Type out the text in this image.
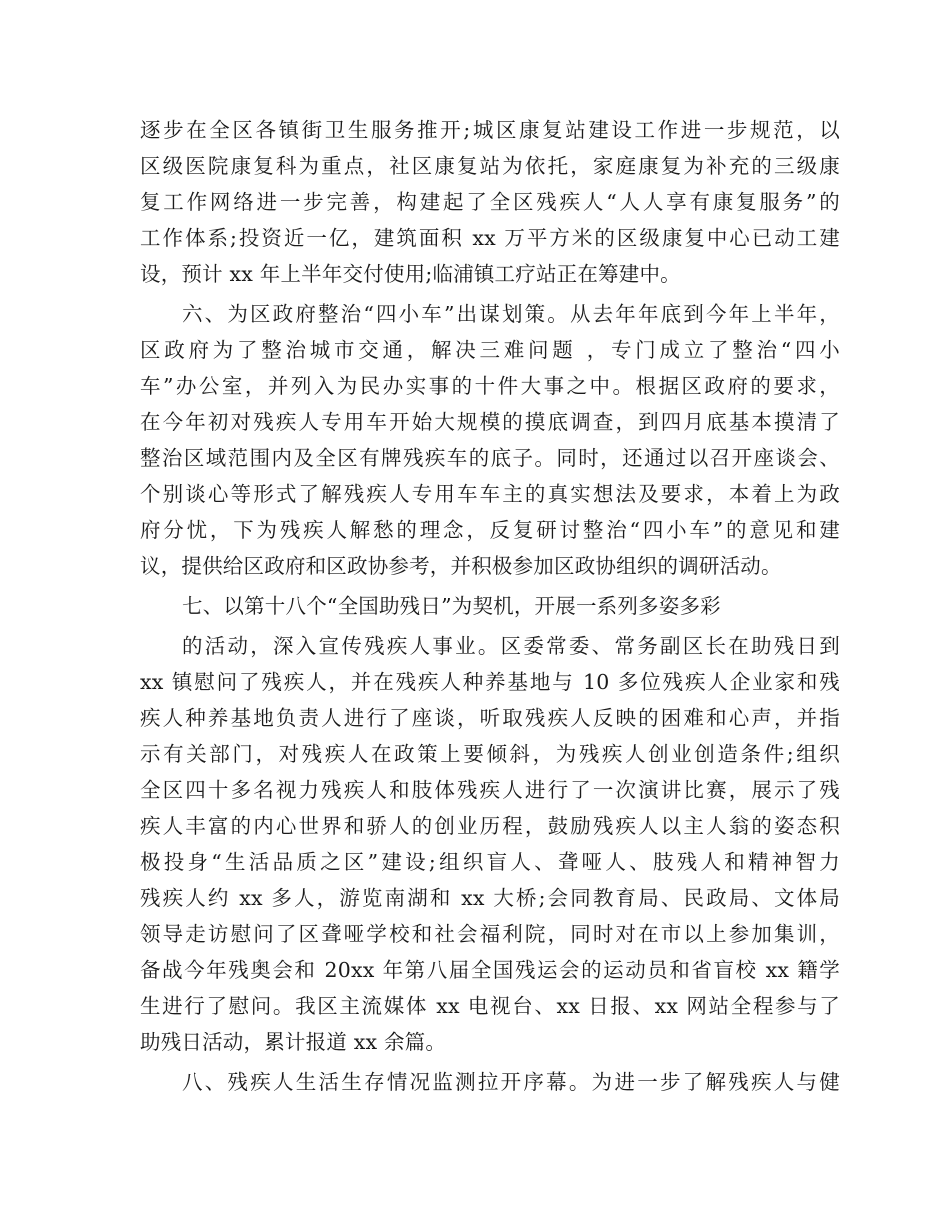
逐步在全区各镇街卫生服务推开;城区康复站建设工作进一步规范，以
区级医院康复科为重点，社区康复站为依托，家庭康复为补充的三级康
复工作网络进一步完善，构建起了全区残疾人“人人享有康复服务”的
工作体系;投资近一亿，建筑面积 xx 万平方米的区级康复中心已动工建
设，预计 xx 年上半年交付使用;临浦镇工疗站正在筹建中。
六、为区政府整治“四小车”出谋划策。从去年年底到今年上半年，
区政府为了整治城市交通，解决三难问题 ，专门成立了整治“四小
车”办公室，并列入为民办实事的十件大事之中。根据区政府的要求，
在今年初对残疾人专用车开始大规模的摸底调查，到四月底基本摸清了
整治区域范围内及全区有牌残疾车的底子。同时，还通过以召开座谈会、
个别谈心等形式了解残疾人专用车车主的真实想法及要求，本着上为政
府分忧，下为残疾人解愁的理念，反复研讨整治“四小车”的意见和建
议，提供给区政府和区政协参考，并积极参加区政协组织的调研活动。
七、以第十八个“全国助残日”为契机，开展一系列多姿多彩
的活动，深入宣传残疾人事业。区委常委、常务副区长在助残日到
xx 镇慰问了残疾人，并在残疾人种养基地与 10 多位残疾人企业家和残
疾人种养基地负责人进行了座谈，听取残疾人反映的困难和心声，并指
示有关部门，对残疾人在政策上要倾斜，为残疾人创业创造条件;组织
全区四十多名视力残疾人和肢体残疾人进行了一次演讲比赛，展示了残
疾人丰富的内心世界和骄人的创业历程，鼓励残疾人以主人翁的姿态积
极投身“生活品质之区”建设;组织盲人、聋哑人、肢残人和精神智力
残疾人约 xx 多人，游览南湖和 xx 大桥;会同教育局、民政局、文体局
领导走访慰问了区聋哑学校和社会福利院，同时对在市以上参加集训，
备战今年残奥会和 20xx 年第八届全国残运会的运动员和省盲校 xx 籍学
生进行了慰问。我区主流媒体 xx 电视台、xx 日报、xx 网站全程参与了
助残日活动，累计报道 xx 余篇。
八、残疾人生活生存情况监测拉开序幕。为进一步了解残疾人与健
